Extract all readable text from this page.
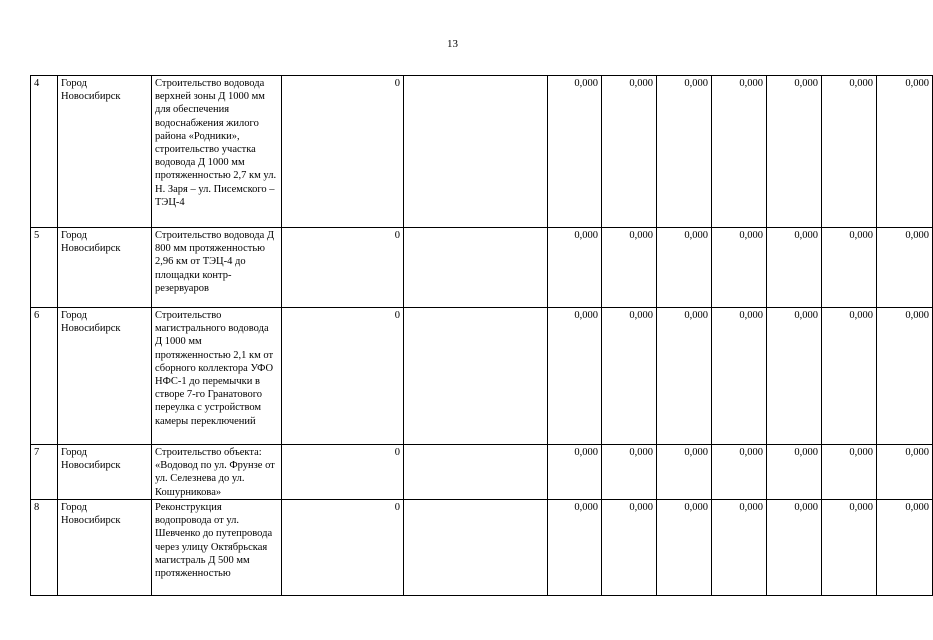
13
4	Город Новосибирск	Строительство водовода верхней зоны Д 1000 мм для обеспечения водоснабжения жилого района «Родники», строительство участка водовода Д 1000 мм протяженностью 2,7 км ул. Н. Заря – ул. Писемского – ТЭЦ-4	0		0,000	0,000	0,000	0,000	0,000	0,000	0,000
5	Город Новосибирск	Строительство водовода Д 800 мм протяженностью 2,96 км от ТЭЦ-4 до площадки контр- резервуаров	0		0,000	0,000	0,000	0,000	0,000	0,000	0,000
6	Город Новосибирск	Строительство магистрального водовода Д 1000 мм протяженностью 2,1 км от сборного коллектора УФО НФС-1 до перемычки в створе 7-го Гранатового переулка с устройством камеры переключений	0		0,000	0,000	0,000	0,000	0,000	0,000	0,000
7	Город Новосибирск	Строительство объекта: «Водовод по ул. Фрунзе от ул. Селезнева до ул. Кошурникова»	0		0,000	0,000	0,000	0,000	0,000	0,000	0,000
8	Город Новосибирск	Реконструкция водопровода от ул. Шевченко до путепровода через улицу Октябрьская магистраль Д 500 мм протяженностью	0		0,000	0,000	0,000	0,000	0,000	0,000	0,000
